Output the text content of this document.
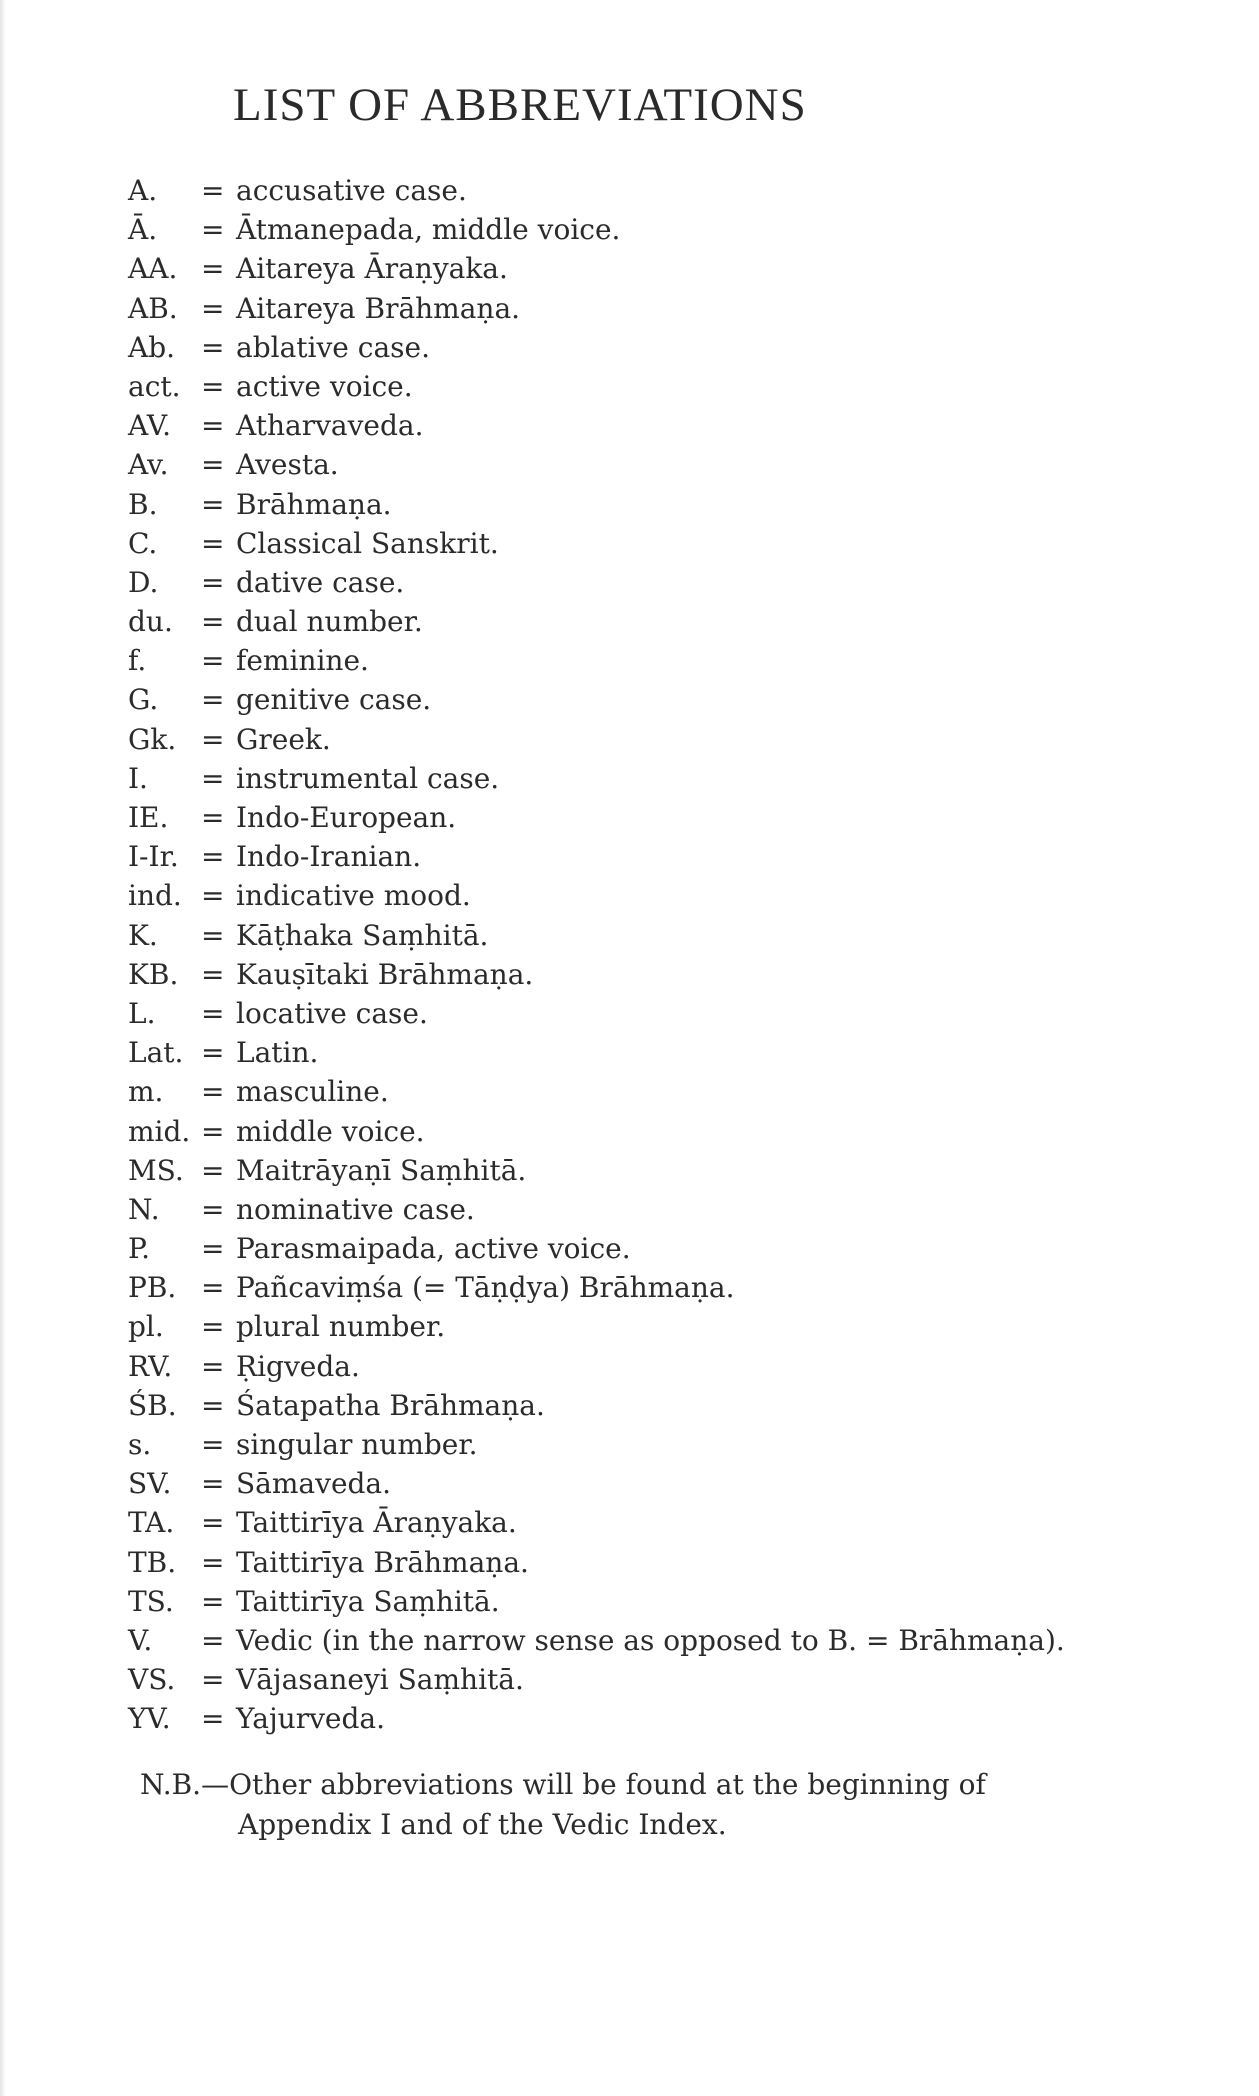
LIST OF ABBREVIATIONS
A.	= accusative case.
Ā.	= Ātmanepada, middle voice.
AA. = Aitareya Āraṇyaka.
AB. = Aitareya Brāhmaṇa.
Ab. = ablative case.
act. = active voice.
AV.	= Atharvaveda.
Av.	= Avesta.
B.	= Brāhmaṇa.
C.	= Classical Sanskrit.
D.	= dative case.
du.	= dual number.
f.	= feminine.
G.	= genitive case.
Gk. = Greek.
I.	= instrumental case.
IE.	= Indo-European.
I-Ir. = Indo-Iranian.
ind. = indicative mood.
K.	= Kāṭhaka Saṃhitā.
KB. = Kauṣītaki Brāhmaṇa.
L.	= locative case.
Lat. = Latin.
m.	= masculine.
mid. = middle voice.
MS. = Maitrāyaṇī Saṃhitā.
N.	= nominative case.
P.	= Parasmaipada, active voice.
PB. = Pañcaviṃśa (= Tāṇḍya) Brāhmaṇa.
pl.	= plural number.
RV.	= Ṛigveda.
ŚB. = Śatapatha Brāhmaṇa.
s.	= singular number.
SV.	= Sāmaveda.
TA. = Taittirīya Āraṇyaka.
TB. = Taittirīya Brāhmaṇa.
TS. = Taittirīya Saṃhitā.
V.	= Vedic (in the narrow sense as opposed to B. = Brāhmaṇa).
VS. = Vājasaneyi Saṃhitā.
YV.	= Yajurveda.
N.B.—Other abbreviations will be found at the beginning of
Appendix I and of the Vedic Index.
